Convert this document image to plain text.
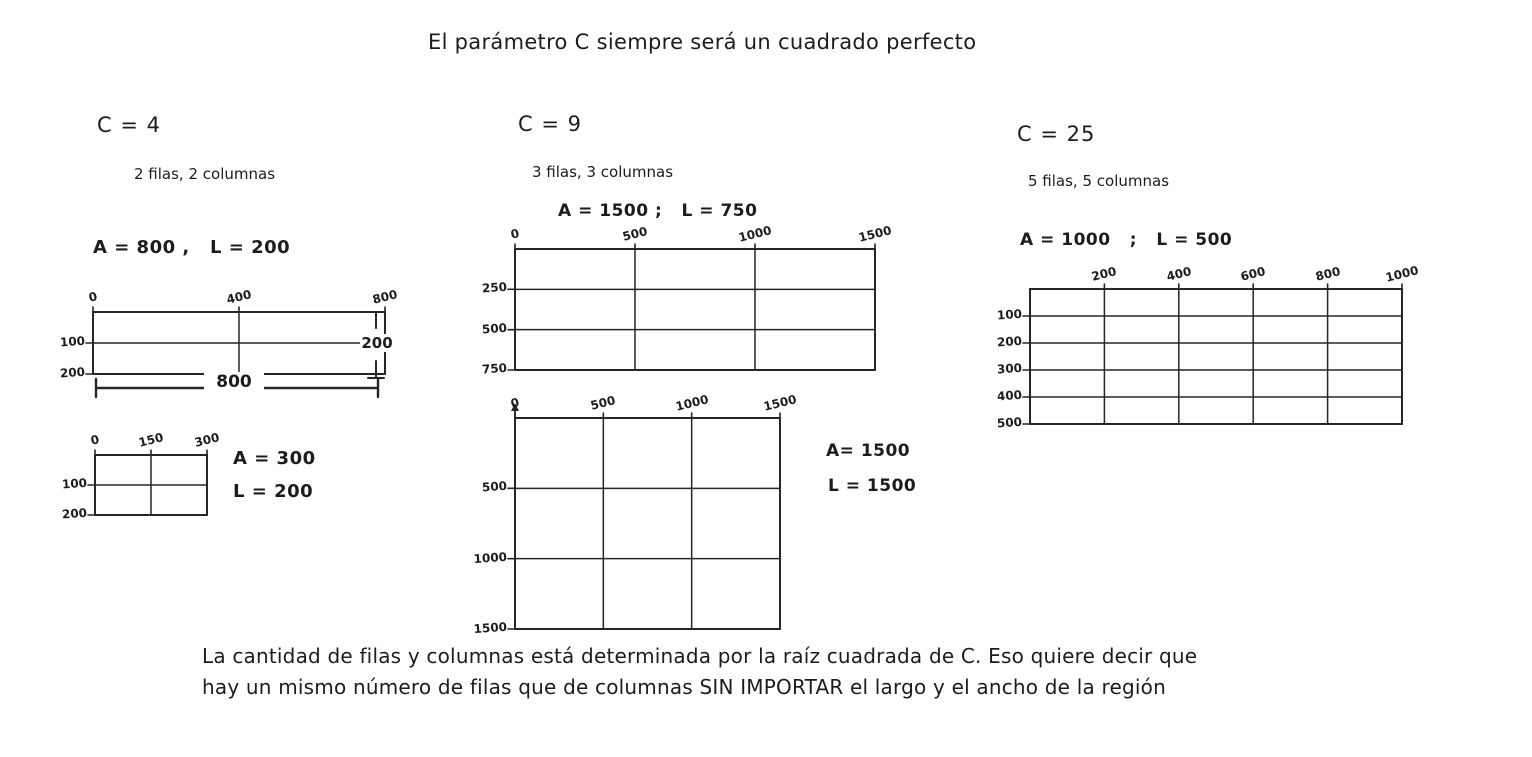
El parámetro C siempre será un cuadrado perfecto
C = 4
2 filas, 2 columnas
A = 800 ,   L = 200
0	400	800
100
200
200
800
0	150	300
100
200
A = 300
L = 200
C = 9
3 filas, 3 columnas
A = 1500 ;   L = 750
0	500	1000	1500
250
500
750
0	500	1000	1500
500
1000
1500
A= 1500
L = 1500
C = 25
5 filas, 5 columnas
A = 1000   ;   L = 500
200	400	600	800	1000
100
200
300
400
500
La cantidad de filas y columnas está determinada por la raíz cuadrada de C. Eso quiere decir que
hay un mismo número de filas que de columnas SIN IMPORTAR el largo y el ancho de la región
